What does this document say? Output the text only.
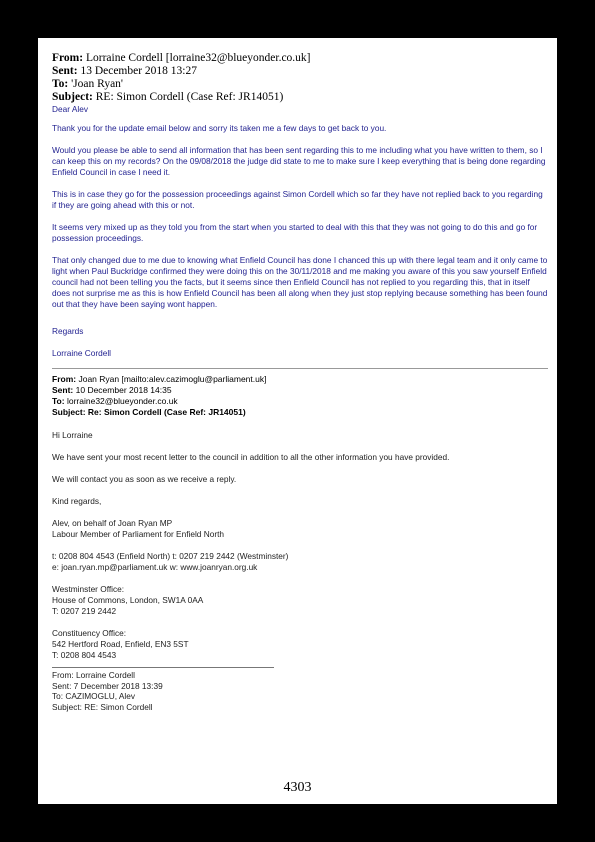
From: Lorraine Cordell [lorraine32@blueyonder.co.uk]
Sent: 13 December 2018 13:27
To: 'Joan Ryan'
Subject: RE: Simon Cordell (Case Ref: JR14051)

Dear Alev

Thank you for the update email below and sorry its taken me a few days to get back to you.

Would you please be able to send all information that has been sent regarding this to me including what you have written to them, so I can keep this on my records? On the 09/08/2018 the judge did state to me to make sure I keep everything that is being done regarding Enfield Council in case I need it.

This is in case they go for the possession proceedings against Simon Cordell which so far they have not replied back to you regarding if they are going ahead with this or not.

It seems very mixed up as they told you from the start when you started to deal with this that they was not going to do this and go for possession proceedings.

That only changed due to me due to knowing what Enfield Council has done I chanced this up with there legal team and it only came to light when Paul Buckridge confirmed they were doing this on the 30/11/2018 and me making you aware of this you saw yourself Enfield council had not been telling you the facts, but it seems since then Enfield Council has not replied to you regarding this, that in itself does not surprise me as this is how Enfield Council has been all along when they just stop replying because something has been found out that they have been saying wont happen.

Regards

Lorraine Cordell

From: Joan Ryan [mailto:alev.cazimoglu@parliament.uk]
Sent: 10 December 2018 14:35
To: lorraine32@blueyonder.co.uk
Subject: Re: Simon Cordell (Case Ref: JR14051)

Hi Lorraine

We have sent your most recent letter to the council in addition to all the other information you have provided.

We will contact you as soon as we receive a reply.

Kind regards,

Alev, on behalf of Joan Ryan MP
Labour Member of Parliament for Enfield North

t: 0208 804 4543 (Enfield North) t: 0207 219 2442 (Westminster)
e: joan.ryan.mp@parliament.uk w: www.joanryan.org.uk

Westminster Office:
House of Commons, London, SW1A 0AA
T: 0207 219 2442

Constituency Office:
542 Hertford Road, Enfield, EN3 5ST
T: 0208 804 4543

From: Lorraine Cordell
Sent: 7 December 2018 13:39
To: CAZIMOGLU, Alev
Subject: RE: Simon Cordell
4303
